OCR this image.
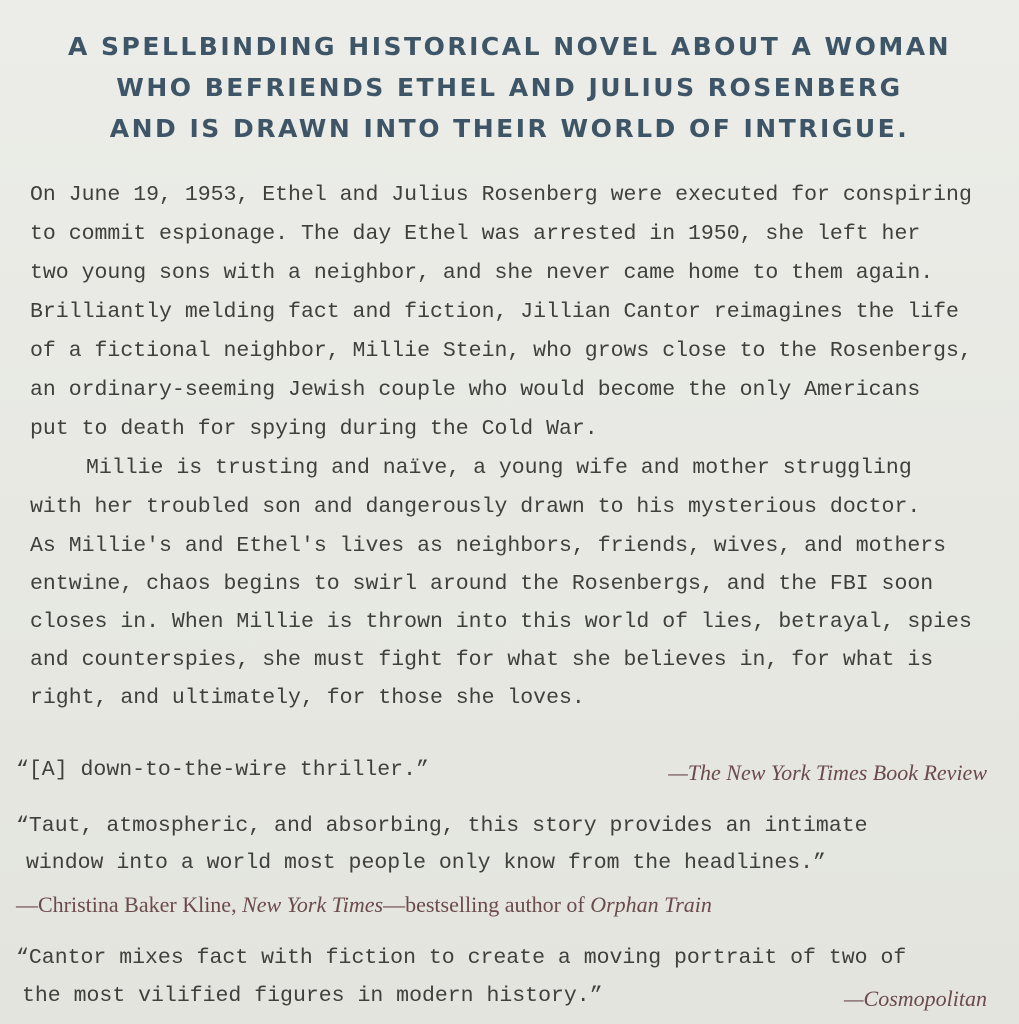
A SPELLBINDING HISTORICAL NOVEL ABOUT A WOMAN
WHO BEFRIENDS ETHEL AND JULIUS ROSENBERG
AND IS DRAWN INTO THEIR WORLD OF INTRIGUE.
On June 19, 1953, Ethel and Julius Rosenberg were executed for conspiring
to commit espionage. The day Ethel was arrested in 1950, she left her
two young sons with a neighbor, and she never came home to them again.
Brilliantly melding fact and fiction, Jillian Cantor reimagines the life
of a fictional neighbor, Millie Stein, who grows close to the Rosenbergs,
an ordinary-seeming Jewish couple who would become the only Americans
put to death for spying during the Cold War.
Millie is trusting and naïve, a young wife and mother struggling
with her troubled son and dangerously drawn to his mysterious doctor.
As Millie's and Ethel's lives as neighbors, friends, wives, and mothers
entwine, chaos begins to swirl around the Rosenbergs, and the FBI soon
closes in. When Millie is thrown into this world of lies, betrayal, spies
and counterspies, she must fight for what she believes in, for what is
right, and ultimately, for those she loves.
“[A] down-to-the-wire thriller.”	—The New York Times Book Review
“Taut, atmospheric, and absorbing, this story provides an intimate
window into a world most people only know from the headlines.”
—Christina Baker Kline, New York Times—bestselling author of Orphan Train
“Cantor mixes fact with fiction to create a moving portrait of two of
the most vilified figures in modern history.”	—Cosmopolitan
